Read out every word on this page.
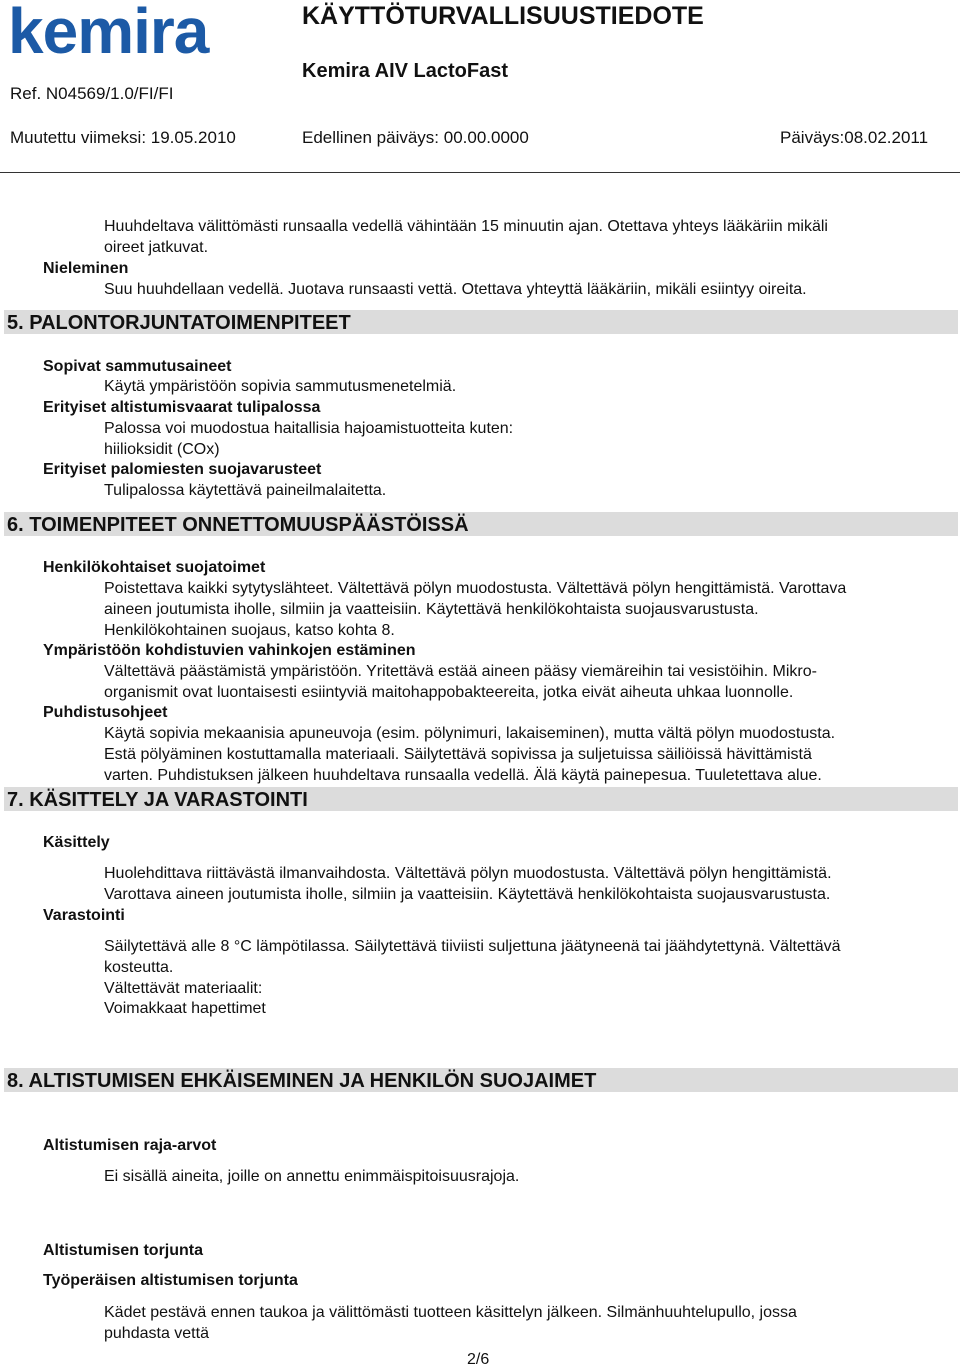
kemira	KÄYTTÖTURVALLISUUSTIEDOTE
Kemira AIV LactoFast
Ref. N04569/1.0/FI/FI
Muutettu viimeksi: 19.05.2010	Edellinen päiväys: 00.00.0000	Päiväys:08.02.2011
Huuhdeltava välittömästi runsaalla vedellä vähintään 15 minuutin ajan. Otettava yhteys lääkäriin mikäli
oireet jatkuvat.
Nieleminen
Suu huuhdellaan vedellä. Juotava runsaasti vettä. Otettava yhteyttä lääkäriin, mikäli esiintyy oireita.
5. PALONTORJUNTATOIMENPITEET
Sopivat sammutusaineet
Käytä ympäristöön sopivia sammutusmenetelmiä.
Erityiset altistumisvaarat tulipalossa
Palossa voi muodostua haitallisia hajoamistuotteita kuten:
hiilioksidit (COx)
Erityiset palomiesten suojavarusteet
Tulipalossa käytettävä paineilmalaitetta.
6. TOIMENPITEET ONNETTOMUUSPÄÄSTÖISSÄ
Henkilökohtaiset suojatoimet
Poistettava kaikki sytytyslähteet. Vältettävä pölyn muodostusta. Vältettävä pölyn hengittämistä. Varottava
aineen joutumista iholle, silmiin ja vaatteisiin. Käytettävä henkilökohtaista suojausvarustusta.
Henkilökohtainen suojaus, katso kohta 8.
Ympäristöön kohdistuvien vahinkojen estäminen
Vältettävä päästämistä ympäristöön. Yritettävä estää aineen pääsy viemäreihin tai vesistöihin. Mikro-
organismit ovat luontaisesti esiintyviä maitohappobakteereita, jotka eivät aiheuta uhkaa luonnolle.
Puhdistusohjeet
Käytä sopivia mekaanisia apuneuvoja (esim. pölynimuri, lakaiseminen), mutta vältä pölyn muodostusta.
Estä pölyäminen kostuttamalla materiaali. Säilytettävä sopivissa ja suljetuissa säiliöissä hävittämistä
varten. Puhdistuksen jälkeen huuhdeltava runsaalla vedellä. Älä käytä painepesua. Tuuletettava alue.
7. KÄSITTELY JA VARASTOINTI
Käsittely
Huolehdittava riittävästä ilmanvaihdosta. Vältettävä pölyn muodostusta. Vältettävä pölyn hengittämistä.
Varottava aineen joutumista iholle, silmiin ja vaatteisiin. Käytettävä henkilökohtaista suojausvarustusta.
Varastointi
Säilytettävä alle 8 °C lämpötilassa. Säilytettävä tiiviisti suljettuna jäätyneenä tai jäähdytettynä. Vältettävä
kosteutta.
Vältettävät materiaalit:
Voimakkaat hapettimet
8. ALTISTUMISEN EHKÄISEMINEN JA HENKILÖN SUOJAIMET
Altistumisen raja-arvot
Ei sisällä aineita, joille on annettu enimmäispitoisuusrajoja.
Altistumisen torjunta
Työperäisen altistumisen torjunta
Kädet pestävä ennen taukoa ja välittömästi tuotteen käsittelyn jälkeen. Silmänhuuhtelupullo, jossa
puhdasta vettä
2/6
